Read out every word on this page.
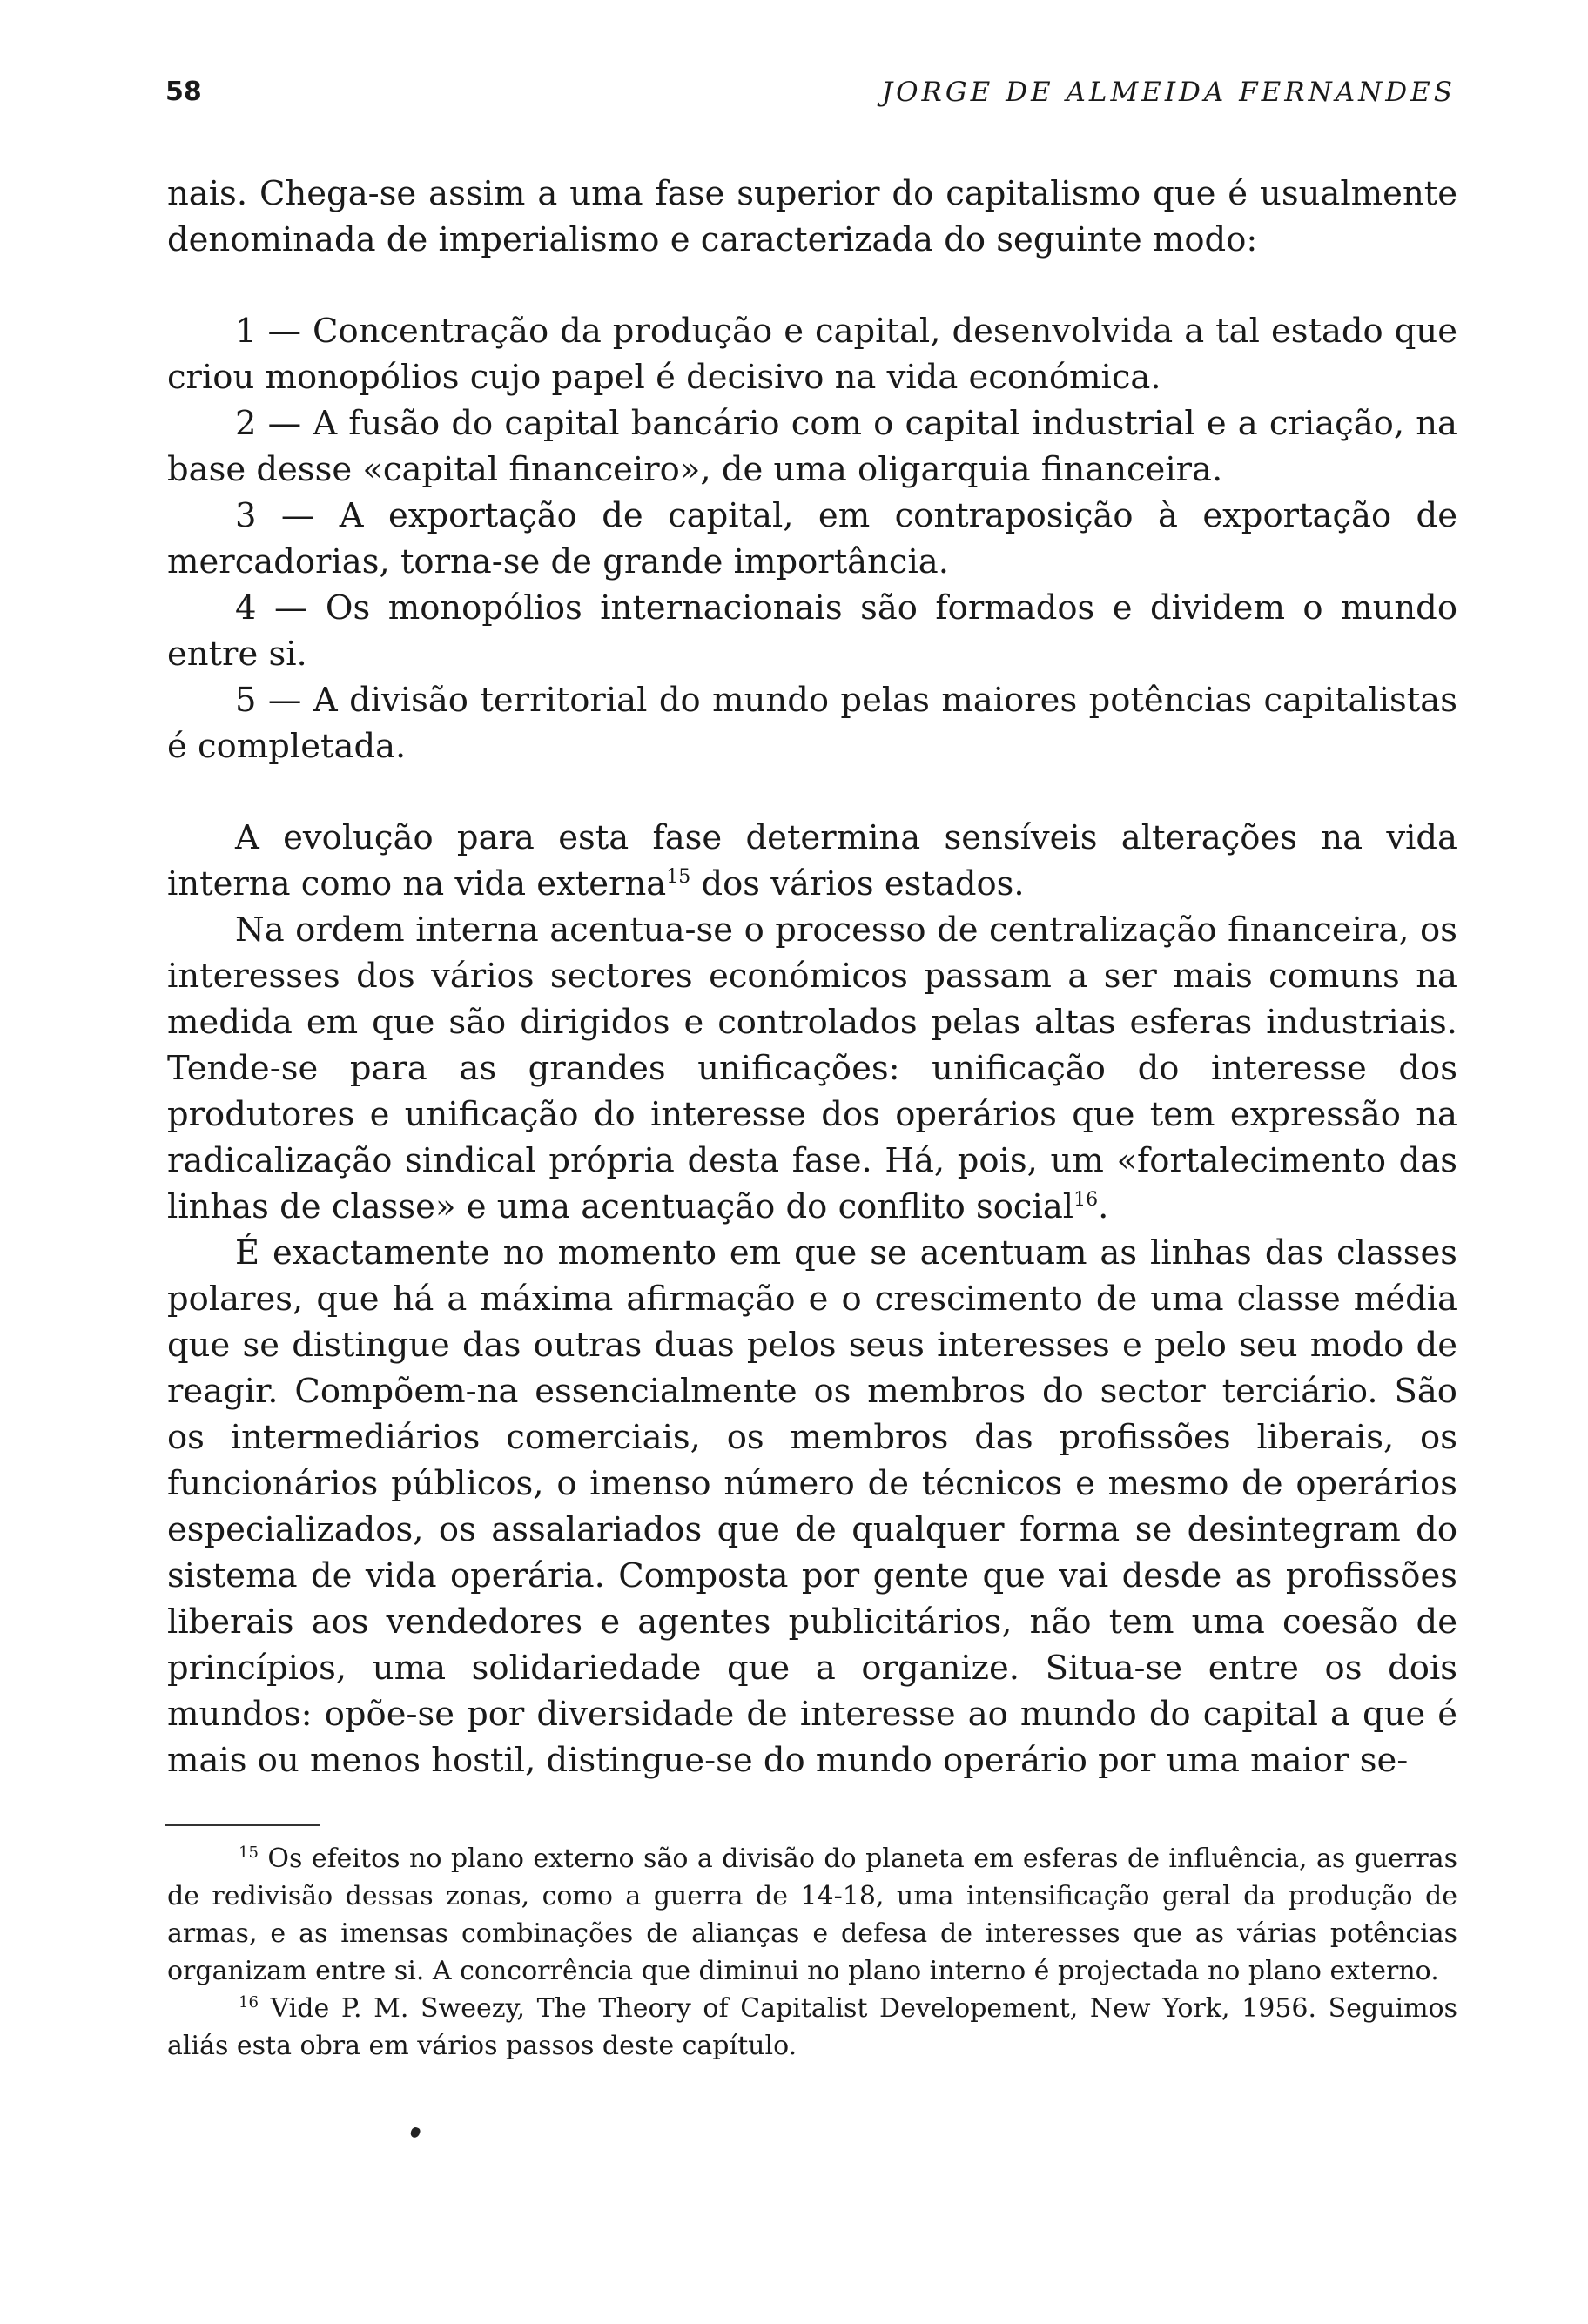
58	JORGE DE ALMEIDA FERNANDES

nais. Chega-se assim a uma fase superior do capitalismo que é usualmente denominada de imperialismo e caracterizada do seguinte modo:

1 — Concentração da produção e capital, desenvolvida a tal estado que criou monopólios cujo papel é decisivo na vida económica.

2 — A fusão do capital bancário com o capital industrial e a criação, na base desse «capital financeiro», de uma oligarquia financeira.

3 — A exportação de capital, em contraposição à exportação de mercadorias, torna-se de grande importância.

4 — Os monopólios internacionais são formados e dividem o mundo entre si.

5 — A divisão territorial do mundo pelas maiores potências capitalistas é completada.

A evolução para esta fase determina sensíveis alterações na vida interna como na vida externa$^{15}$ dos vários estados.

Na ordem interna acentua-se o processo de centralização financeira, os interesses dos vários sectores económicos passam a ser mais comuns na medida em que são dirigidos e controlados pelas altas esferas industriais. Tende-se para as grandes unificações: unificação do interesse dos produtores e unificação do interesse dos operários que tem expressão na radicalização sindical própria desta fase. Há, pois, um «fortalecimento das linhas de classe» e uma acentuação do conflito social$^{16}$.

É exactamente no momento em que se acentuam as linhas das classes polares, que há a máxima afirmação e o crescimento de uma classe média que se distingue das outras duas pelos seus interesses e pelo seu modo de reagir. Compõem-na essencialmente os membros do sector terciário. São os intermediários comerciais, os membros das profissões liberais, os funcionários públicos, o imenso número de técnicos e mesmo de operários especializados, os assalariados que de qualquer forma se desintegram do sistema de vida operária. Composta por gente que vai desde as profissões liberais aos vendedores e agentes publicitários, não tem uma coesão de princípios, uma solidariedade que a organize. Situa-se entre os dois mundos: opõe-se por diversidade de interesse ao mundo do capital a que é mais ou menos hostil, distingue-se do mundo operário por uma maior se-

$^{15}$ Os efeitos no plano externo são a divisão do planeta em esferas de influência, as guerras de redivisão dessas zonas, como a guerra de 14-18, uma intensificação geral da produção de armas, e as imensas combinações de alianças e defesa de interesses que as várias potências organizam entre si. A concorrência que diminui no plano interno é projectada no plano externo.

$^{16}$ Vide P. M. Sweezy, The Theory of Capitalist Developement, New York, 1956. Seguimos aliás esta obra em vários passos deste capítulo.
